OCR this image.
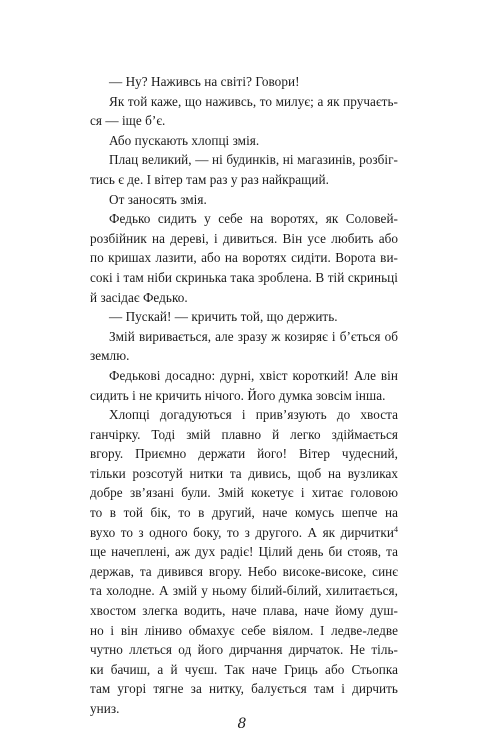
— Ну? Наживсь на світі? Говори!
Як той каже, що наживсь, то милує; а як пручаєть-
ся — іще б’є.
Або пускають хлопці змія.
Плац великий, — ні будинків, ні магазинів, розбіг-
тись є де. І вітер там раз у раз найкращий.
От заносять змія.
Федько сидить у себе на воротях, як Соловей-
розбійник на дереві, і дивиться. Він усе любить або
по кришах лазити, або на воротях сидіти. Ворота ви-
сокі і там ніби скринька така зроблена. В тій скриньці
й засідає Федько.
— Пускай! — кричить той, що держить.
Змій виривається, але зразу ж козиряє і б’ється об
землю.
Федькові досадно: дурні, хвіст короткий! Але він
сидить і не кричить нічого. Його думка зовсім інша.
Хлопці догадуються і прив’язують до хвоста
ганчірку. Тоді змій плавно й легко здіймається
вгору. Приємно держати його! Вітер чудесний,
тільки розсотуй нитки та дивись, щоб на вузликах
добре зв’язані були. Змій кокетує і хитає головою
то в той бік, то в другий, наче комусь шепче на
вухо то з одного боку, то з другого. А як дирчитки$^4$
ще начеплені, аж дух радіє! Цілий день би стояв, та
держав, та дивився вгору. Небо високе-високе, синє
та холодне. А змій у ньому білий-білий, хилитається,
хвостом злегка водить, наче плава, наче йому душ-
но і він ліниво обмахує себе віялом. І ледве-ледве
чутно ллється од його дирчання дирчаток. Не тіль-
ки бачиш, а й чуєш. Так наче Гриць або Стьопка
там угорі тягне за нитку, балується там і дирчить
униз.
8
